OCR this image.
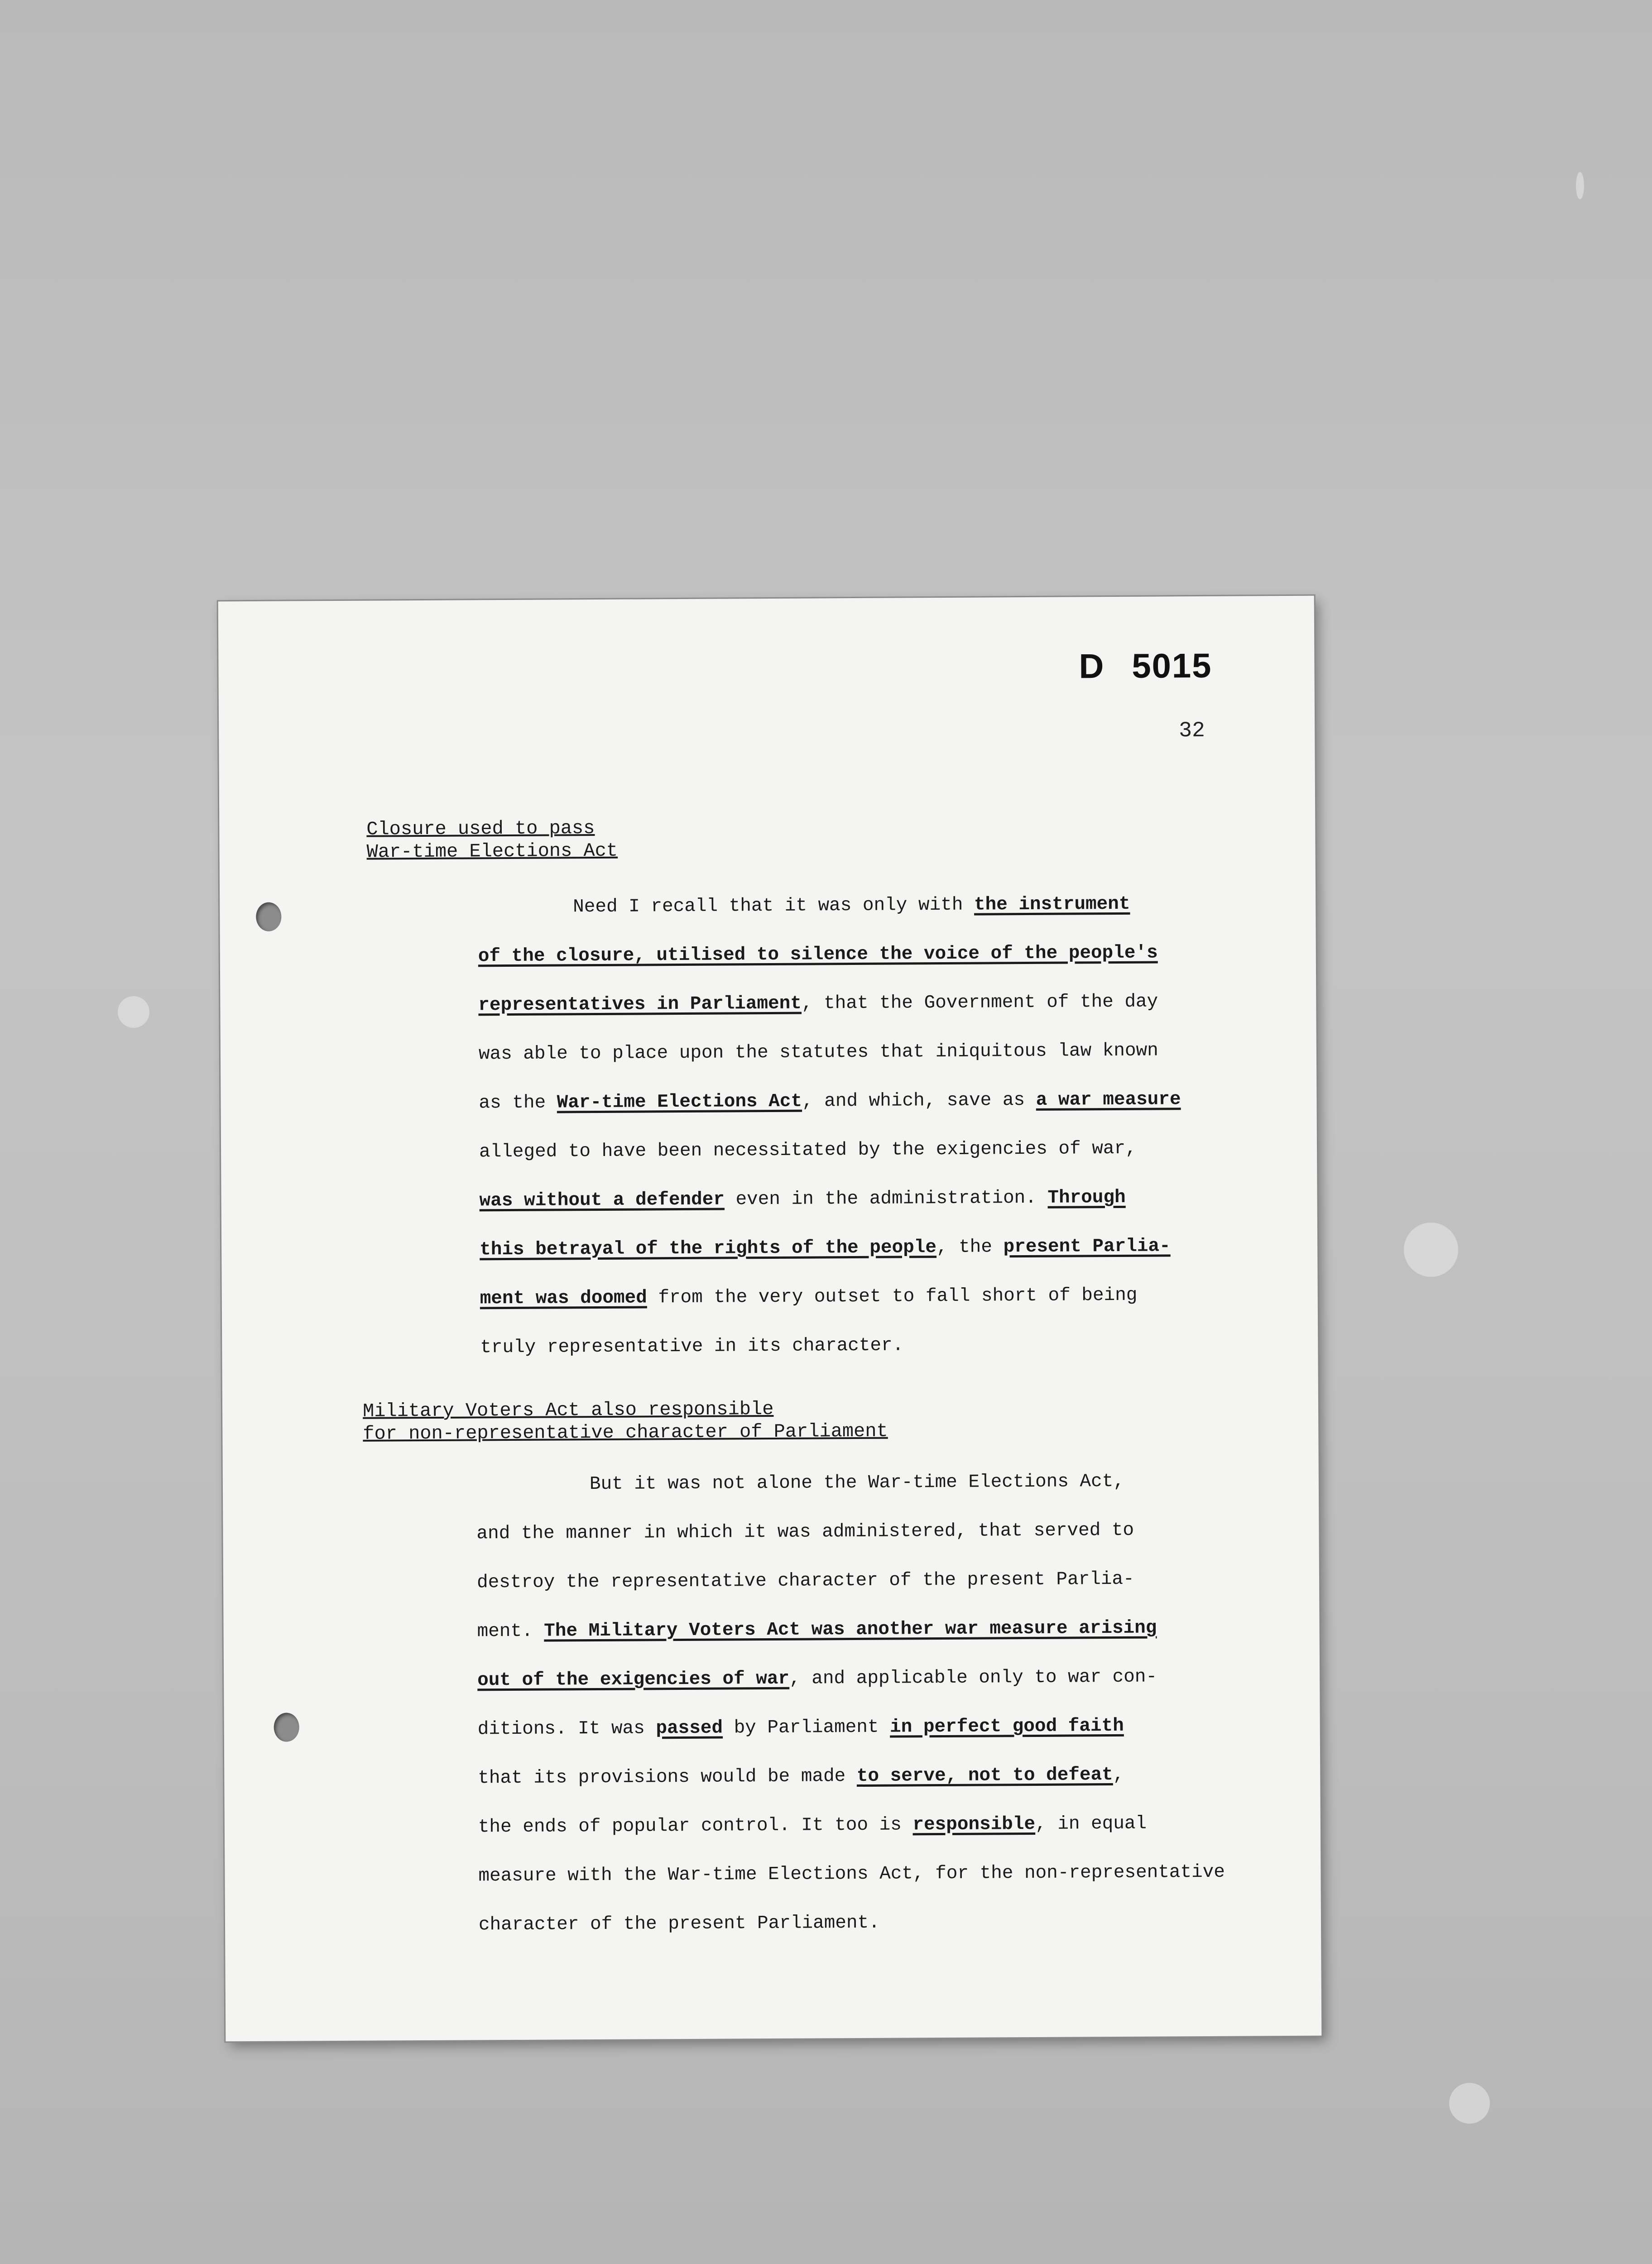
D 5015
32
Closure used to pass
War-time Elections Act
Need I recall that it was only with the instrument
of the closure, utilised to silence the voice of the people's
representatives in Parliament, that the Government of the day
was able to place upon the statutes that iniquitous law known
as the War-time Elections Act, and which, save as a war measure
alleged to have been necessitated by the exigencies of war,
was without a defender even in the administration. Through
this betrayal of the rights of the people, the present Parlia-
ment was doomed from the very outset to fall short of being
truly representative in its character.
Military Voters Act also responsible
for non-representative character of Parliament
But it was not alone the War-time Elections Act,
and the manner in which it was administered, that served to
destroy the representative character of the present Parlia-
ment. The Military Voters Act was another war measure arising
out of the exigencies of war, and applicable only to war con-
ditions. It was passed by Parliament in perfect good faith
that its provisions would be made to serve, not to defeat,
the ends of popular control. It too is responsible, in equal
measure with the War-time Elections Act, for the non-representative
character of the present Parliament.
